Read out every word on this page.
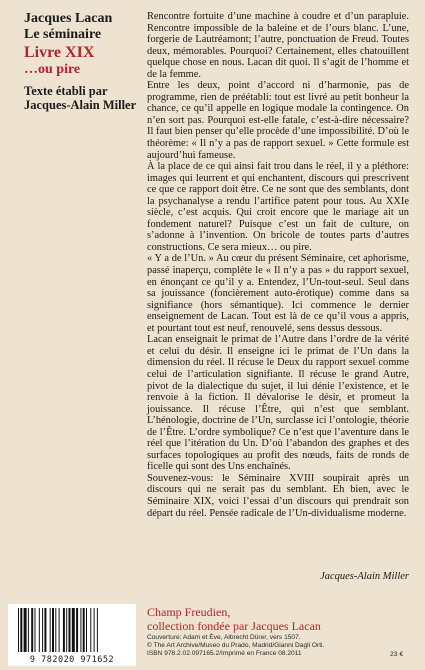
Jacques Lacan
Le séminaire
Livre XIX
…ou pire
Texte établi par
Jacques-Alain Miller

Rencontre fortuite d’une machine à coudre et d’un parapluie. Rencontre impossible de la baleine et de l’ours blanc. L’une, forgerie de Lautréamont; l’autre, ponctuation de Freud. Toutes deux, mémorables. Pourquoi? Certainement, elles chatouillent quelque chose en nous. Lacan dit quoi. Il s’agit de l’homme et de la femme.

Entre les deux, point d’accord ni d’harmonie, pas de programme, rien de préétabli: tout est livré au petit bonheur la chance, ce qu’il appelle en logique modale la contingence. On n’en sort pas. Pourquoi est-elle fatale, c’est-à-dire nécessaire? Il faut bien penser qu’elle procède d’une impossibilité. D’où le théorème: « Il n’y a pas de rapport sexuel. » Cette formule est aujourd’hui fameuse.

À la place de ce qui ainsi fait trou dans le réel, il y a pléthore: images qui leurrent et qui enchantent, discours qui prescrivent ce que ce rapport doit être. Ce ne sont que des semblants, dont la psychanalyse a rendu l’artifice patent pour tous. Au XXIe siècle, c’est acquis. Qui croit encore que le mariage ait un fondement naturel? Puisque c’est un fait de culture, on s’adonne à l’invention. On bricole de toutes parts d’autres constructions. Ce sera mieux… ou pire.

« Y a de l’Un. » Au cœur du présent Séminaire, cet aphorisme, passé inaperçu, complète le « Il n’y a pas » du rapport sexuel, en énonçant ce qu’il y a. Entendez, l’Un-tout-seul. Seul dans sa jouissance (foncièrement auto-érotique) comme dans sa signifiance (hors sémantique). Ici commence le dernier enseignement de Lacan. Tout est là de ce qu’il vous a appris, et pourtant tout est neuf, renouvelé, sens dessus dessous.

Lacan enseignait le primat de l’Autre dans l’ordre de la vérité et celui du désir. Il enseigne ici le primat de l’Un dans la dimension du réel. Il récuse le Deux du rapport sexuel comme celui de l’articulation signifiante. Il récuse le grand Autre, pivot de la dialectique du sujet, il lui dénie l’existence, et le renvoie à la fiction. Il dévalorise le désir, et promeut la jouissance. Il récuse l’Être, qui n’est que semblant. L’hénologie, doctrine de l’Un, surclasse ici l’ontologie, théorie de l’Être. L’ordre symbolique? Ce n’est que l’aventure dans le réel que l’itération du Un. D’où l’abandon des graphes et des surfaces topologiques au profit des nœuds, faits de ronds de ficelle qui sont des Uns enchaînés.

Souvenez-vous: le Séminaire XVIII soupirait après un discours qui ne serait pas du semblant. Eh bien, avec le Séminaire XIX, voici l’essai d’un discours qui prendrait son départ du réel. Pensée radicale de l’Un-dividualisme moderne.

Jacques-Alain Miller
Champ Freudien,
collection fondée par Jacques Lacan
9 782020 971652
Couverture: Adam et Ève, Albrecht Dürer, vers 1507.
© The Art Archive/Museo du Prado, Madrid/Gianni Dagli Orti.
ISBN 978.2.02.097165.2/Imprimé en France 08.2011	23 €
